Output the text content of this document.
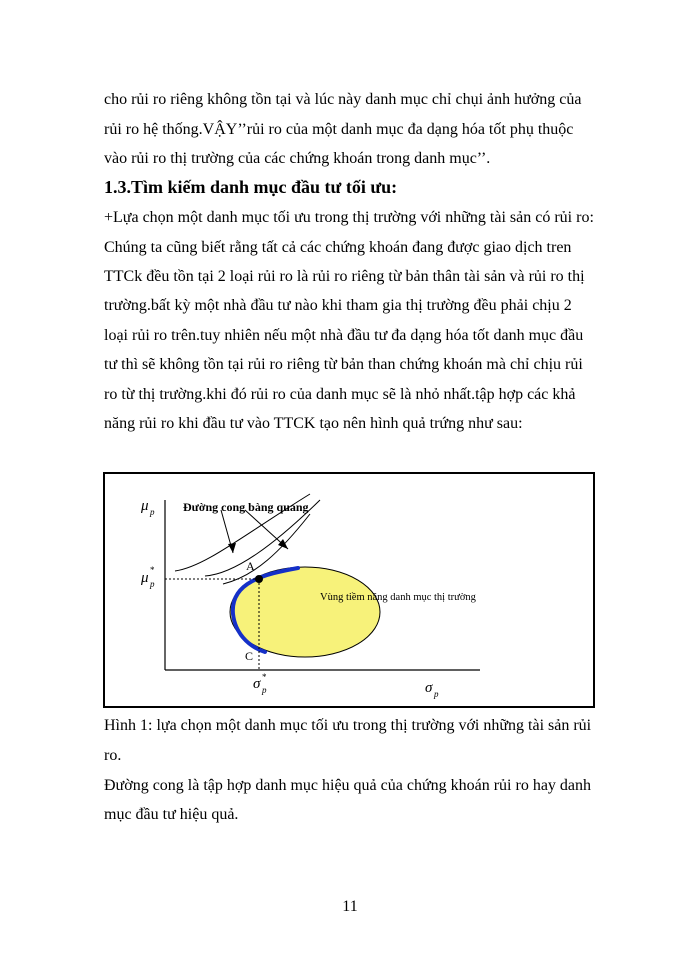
cho rủi ro riêng không tồn tại và lúc này danh mục chỉ chụi ảnh hưởng của
rủi ro hệ thống.VẬY’’rủi ro của một danh mục đa dạng hóa tốt phụ thuộc
vào rủi ro thị trường của các chứng khoán trong danh mục’’.
1.3.Tìm kiếm danh mục đầu tư tối ưu:
+Lựa chọn một danh mục tối ưu trong thị trường với những tài sản có rủi ro:
Chúng ta cũng biết rằng tất cả các chứng khoán đang được giao dịch tren
TTCk đều tồn tại 2 loại rủi ro là rủi ro riêng từ bản thân tài sản và rủi ro thị
trường.bất kỳ một nhà đầu tư nào khi tham gia thị trường đều phải chịu 2
loại rủi ro trên.tuy nhiên nếu một nhà đầu tư đa dạng hóa tốt danh mục đầu
tư thì sẽ không tồn tại rủi ro riêng từ bản than chứng khoán mà chỉ chịu rủi
ro từ thị trường.khi đó rủi ro của danh mục sẽ là nhỏ nhất.tập hợp các khả
năng rủi ro khi đầu tư vào TTCK tạo nên hình quả trứng như sau:
Đường cong bàng quang
Vùng tiềm năng danh mục thị trường
A
C
μ p
μ *
p
σ *
p	σ p
Hình 1: lựa chọn một danh mục tối ưu trong thị trường với những tài sản rủi
ro.
Đường cong là tập hợp danh mục hiệu quả của chứng khoán rủi ro hay danh
mục đầu tư hiệu quả.
11
